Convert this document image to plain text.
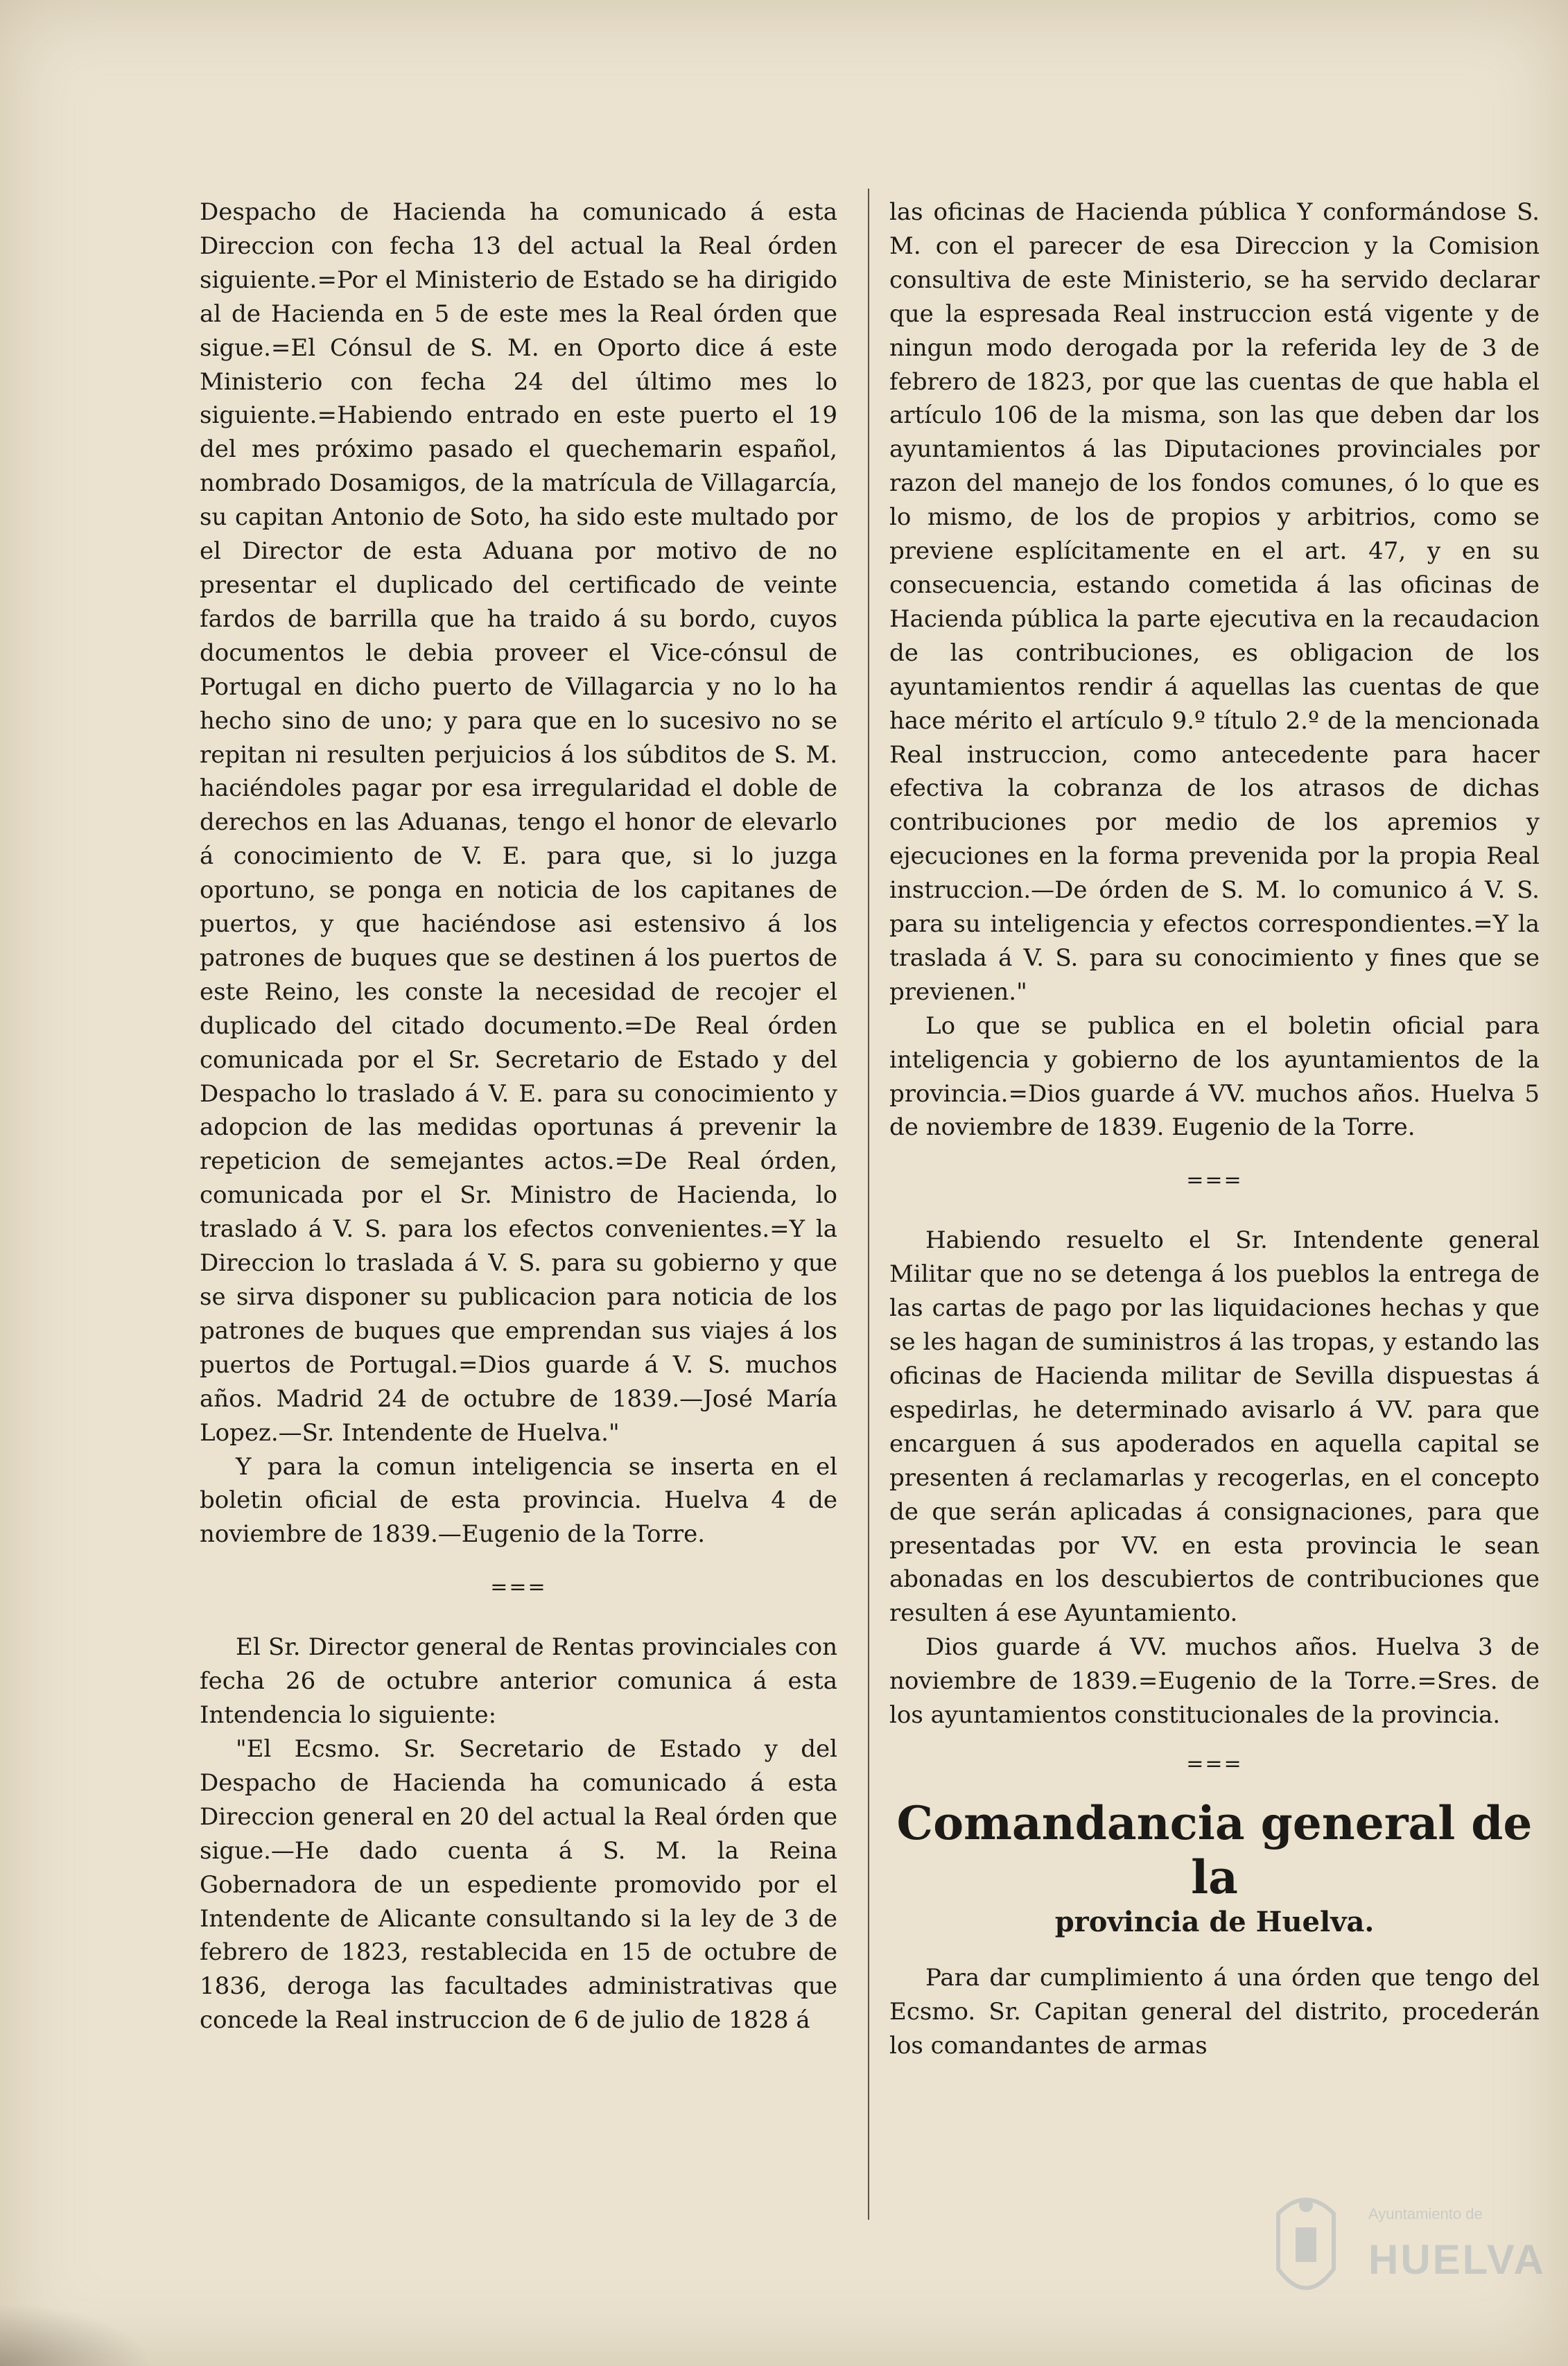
Despacho de Hacienda ha comunicado á esta Direccion con fecha 13 del actual la Real órden siguiente.=Por el Ministerio de Estado se ha dirigido al de Hacienda en 5 de este mes la Real órden que sigue.=El Cónsul de S. M. en Oporto dice á este Ministerio con fecha 24 del último mes lo siguiente.=Habiendo entrado en este puerto el 19 del mes próximo pasado el quechemarin español, nombrado Dosamigos, de la matrícula de Villagarcía, su capitan Antonio de Soto, ha sido este multado por el Director de esta Aduana por motivo de no presentar el duplicado del certificado de veinte fardos de barrilla que ha traido á su bordo, cuyos documentos le debia proveer el Vice-cónsul de Portugal en dicho puerto de Villagarcia y no lo ha hecho sino de uno; y para que en lo sucesivo no se repitan ni resulten perjuicios á los súbditos de S. M. haciéndoles pagar por esa irregularidad el doble de derechos en las Aduanas, tengo el honor de elevarlo á conocimiento de V. E. para que, si lo juzga oportuno, se ponga en noticia de los capitanes de puertos, y que haciéndose asi estensivo á los patrones de buques que se destinen á los puertos de este Reino, les conste la necesidad de recojer el duplicado del citado documento.=De Real órden comunicada por el Sr. Secretario de Estado y del Despacho lo traslado á V. E. para su conocimiento y adopcion de las medidas oportunas á prevenir la repeticion de semejantes actos.=De Real órden, comunicada por el Sr. Ministro de Hacienda, lo traslado á V. S. para los efectos convenientes.=Y la Direccion lo traslada á V. S. para su gobierno y que se sirva disponer su publicacion para noticia de los patrones de buques que emprendan sus viajes á los puertos de Portugal.=Dios guarde á V. S. muchos años. Madrid 24 de octubre de 1839.—José María Lopez.—Sr. Intendente de Huelva."

Y para la comun inteligencia se inserta en el boletin oficial de esta provincia. Huelva 4 de noviembre de 1839.—Eugenio de la Torre.

===

El Sr. Director general de Rentas provinciales con fecha 26 de octubre anterior comunica á esta Intendencia lo siguiente:

"El Ecsmo. Sr. Secretario de Estado y del Despacho de Hacienda ha comunicado á esta Direccion general en 20 del actual la Real órden que sigue.—He dado cuenta á S. M. la Reina Gobernadora de un espediente promovido por el Intendente de Alicante consultando si la ley de 3 de febrero de 1823, restablecida en 15 de octubre de 1836, deroga las facultades administrativas que concede la Real instruccion de 6 de julio de 1828 á

las oficinas de Hacienda pública Y conformándose S. M. con el parecer de esa Direccion y la Comision consultiva de este Ministerio, se ha servido declarar que la espresada Real instruccion está vigente y de ningun modo derogada por la referida ley de 3 de febrero de 1823, por que las cuentas de que habla el artículo 106 de la misma, son las que deben dar los ayuntamientos á las Diputaciones provinciales por razon del manejo de los fondos comunes, ó lo que es lo mismo, de los de propios y arbitrios, como se previene esplícitamente en el art. 47, y en su consecuencia, estando cometida á las oficinas de Hacienda pública la parte ejecutiva en la recaudacion de las contribuciones, es obligacion de los ayuntamientos rendir á aquellas las cuentas de que hace mérito el artículo 9.º título 2.º de la mencionada Real instruccion, como antecedente para hacer efectiva la cobranza de los atrasos de dichas contribuciones por medio de los apremios y ejecuciones en la forma prevenida por la propia Real instruccion.—De órden de S. M. lo comunico á V. S. para su inteligencia y efectos correspondientes.=Y la traslada á V. S. para su conocimiento y fines que se previenen."

Lo que se publica en el boletin oficial para inteligencia y gobierno de los ayuntamientos de la provincia.=Dios guarde á VV. muchos años. Huelva 5 de noviembre de 1839. Eugenio de la Torre.

===

Habiendo resuelto el Sr. Intendente general Militar que no se detenga á los pueblos la entrega de las cartas de pago por las liquidaciones hechas y que se les hagan de suministros á las tropas, y estando las oficinas de Hacienda militar de Sevilla dispuestas á espedirlas, he determinado avisarlo á VV. para que encarguen á sus apoderados en aquella capital se presenten á reclamarlas y recogerlas, en el concepto de que serán aplicadas á consignaciones, para que presentadas por VV. en esta provincia le sean abonadas en los descubiertos de contribuciones que resulten á ese Ayuntamiento.

Dios guarde á VV. muchos años. Huelva 3 de noviembre de 1839.=Eugenio de la Torre.=Sres. de los ayuntamientos constitucionales de la provincia.

===
Comandancia general de la
provincia de Huelva.

Para dar cumplimiento á una órden que tengo del Ecsmo. Sr. Capitan general del distrito, procederán los comandantes de armas

Ayuntamiento de
HUELVA
